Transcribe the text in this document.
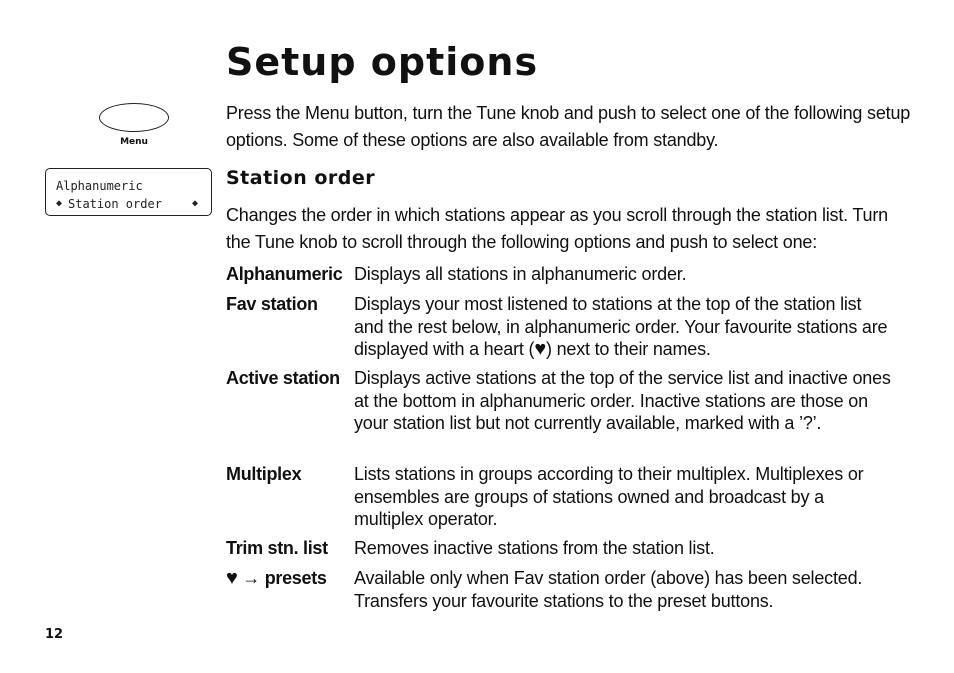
Setup options
Menu
Alphanumeric
◆ Station order	◆

Press the Menu button, turn the Tune knob and push to select one of the following setup options. Some of these options are also available from standby.

Station order

Changes the order in which stations appear as you scroll through the station list. Turn the Tune knob to scroll through the following options and push to select one:

Alphanumeric Displays all stations in alphanumeric order.
Fav station Displays your most listened to stations at the top of the station list and the rest below, in alphanumeric order. Your favourite stations are displayed with a heart (♥) next to their names.
Active station Displays active stations at the top of the service list and inactive ones at the bottom in alphanumeric order. Inactive stations are those on your station list but not currently available, marked with a ’?’.
Multiplex	Lists stations in groups according to their multiplex. Multiplexes or ensembles are groups of stations owned and broadcast by a multiplex operator.
Trim stn. list Removes inactive stations from the station list.
♥ → presets Available only when Fav station order (above) has been selected. Transfers your favourite stations to the preset buttons.
12
